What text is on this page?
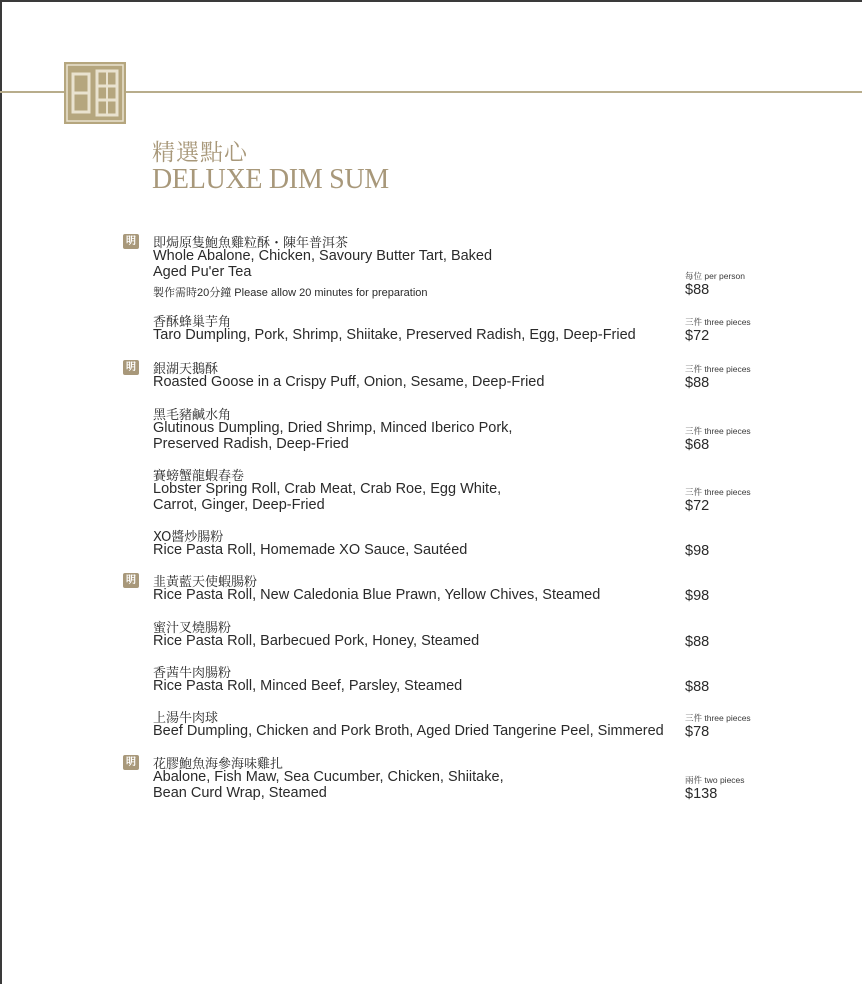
精選點心
DELUXE DIM SUM
明 即焗原隻鮑魚雞粒酥・陳年普洱茶
Whole Abalone, Chicken, Savoury Butter Tart, Baked
Aged Pu'er Tea
製作需時20分鐘 Please allow 20 minutes for preparation
每位 per person
$88
香酥蜂巢芋角
Taro Dumpling, Pork, Shrimp, Shiitake, Preserved Radish, Egg, Deep-Fried
三件 three pieces
$72
明 銀湖天鵝酥
Roasted Goose in a Crispy Puff, Onion, Sesame, Deep-Fried
三件 three pieces
$88
黑毛豬鹹水角
Glutinous Dumpling, Dried Shrimp, Minced Iberico Pork,
Preserved Radish, Deep-Fried
三件 three pieces
$68
賽螃蟹龍蝦春卷
Lobster Spring Roll, Crab Meat, Crab Roe, Egg White,
Carrot, Ginger, Deep-Fried
三件 three pieces
$72
XO醬炒腸粉
Rice Pasta Roll, Homemade XO Sauce, Sautéed	$98
明 韭黃藍天使蝦腸粉
Rice Pasta Roll, New Caledonia Blue Prawn, Yellow Chives, Steamed	$98
蜜汁叉燒腸粉
Rice Pasta Roll, Barbecued Pork, Honey, Steamed	$88
香茜牛肉腸粉
Rice Pasta Roll, Minced Beef, Parsley, Steamed	$88
上湯牛肉球
Beef Dumpling, Chicken and Pork Broth, Aged Dried Tangerine Peel, Simmered
三件 three pieces
$78
明 花膠鮑魚海參海味雞扎
Abalone, Fish Maw, Sea Cucumber, Chicken, Shiitake,
Bean Curd Wrap, Steamed
兩件 two pieces
$138
